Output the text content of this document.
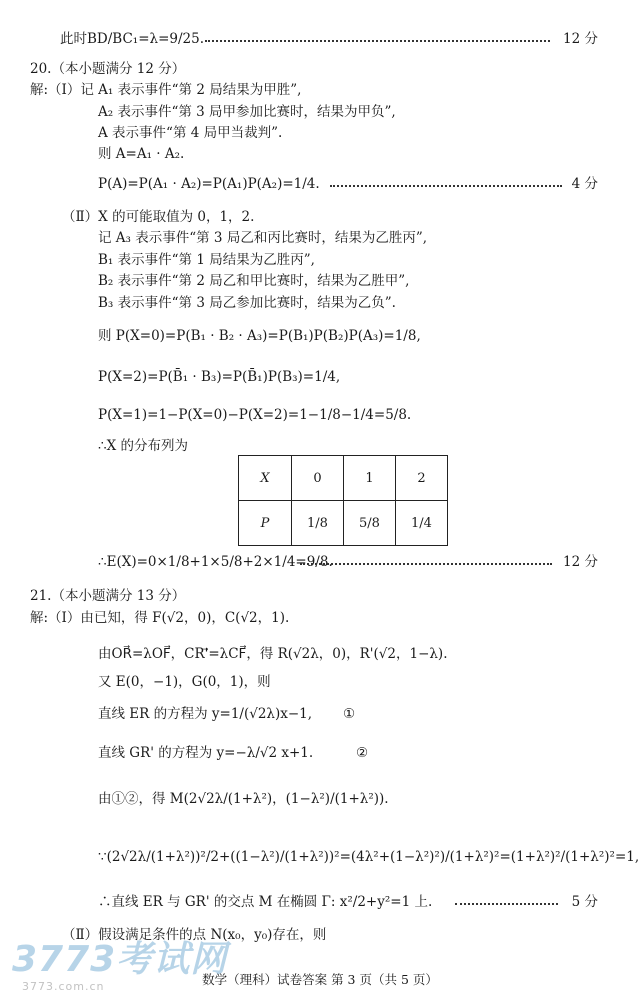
此时BD/BC₁=λ=9/25.	12 分
20.（本小题满分 12 分）
解:（Ⅰ）记 A₁ 表示事件“第 2 局结果为甲胜”,
A₂ 表示事件“第 3 局甲参加比赛时，结果为甲负”,
A 表示事件“第 4 局甲当裁判”.
则 A=A₁ · A₂.
P(A)=P(A₁ · A₂)=P(A₁)P(A₂)=1/4.	4 分
（Ⅱ）X 的可能取值为 0，1，2.
记 A₃ 表示事件“第 3 局乙和丙比赛时，结果为乙胜丙”,
B₁ 表示事件“第 1 局结果为乙胜丙”,
B₂ 表示事件“第 2 局乙和甲比赛时，结果为乙胜甲”,
B₃ 表示事件“第 3 局乙参加比赛时，结果为乙负”.
则 P(X=0)=P(B₁ · B₂ · A₃)=P(B₁)P(B₂)P(A₃)=1/8,
P(X=2)=P(B̄₁ · B₃)=P(B̄₁)P(B₃)=1/4,
P(X=1)=1−P(X=0)−P(X=2)=1−1/8−1/4=5/8.
∴X 的分布列为
X	0	1	2
P	1/8	5/8	1/4
∴E(X)=0×1/8+1×5/8+2×1/4=9/8.	12 分
21.（本小题满分 13 分）
解:（Ⅰ）由已知，得 F(√2，0)，C(√2，1).
由OR⃗=λOF⃗，CR'⃗=λCF⃗，得 R(√2λ，0)，R'(√2，1−λ).
又 E(0，−1)，G(0，1)，则
直线 ER 的方程为 y=1/(√2λ)x−1, ①
直线 GR' 的方程为 y=−λ/√2 x+1.	②
由①②，得 M(2√2λ/(1+λ²)，(1−λ²)/(1+λ²)).
∵(2√2λ/(1+λ²))²/2+((1−λ²)/(1+λ²))²=(4λ²+(1−λ²)²)/(1+λ²)²=(1+λ²)²/(1+λ²)²=1,
∴直线 ER 与 GR' 的交点 M 在椭圆 Γ: x²/2+y²=1 上.	5 分
（Ⅱ）假设满足条件的点 N(x₀，y₀)存在，则
3773考试网
3773.com.cn	数学（理科）试卷答案 第 3 页（共 5 页）
